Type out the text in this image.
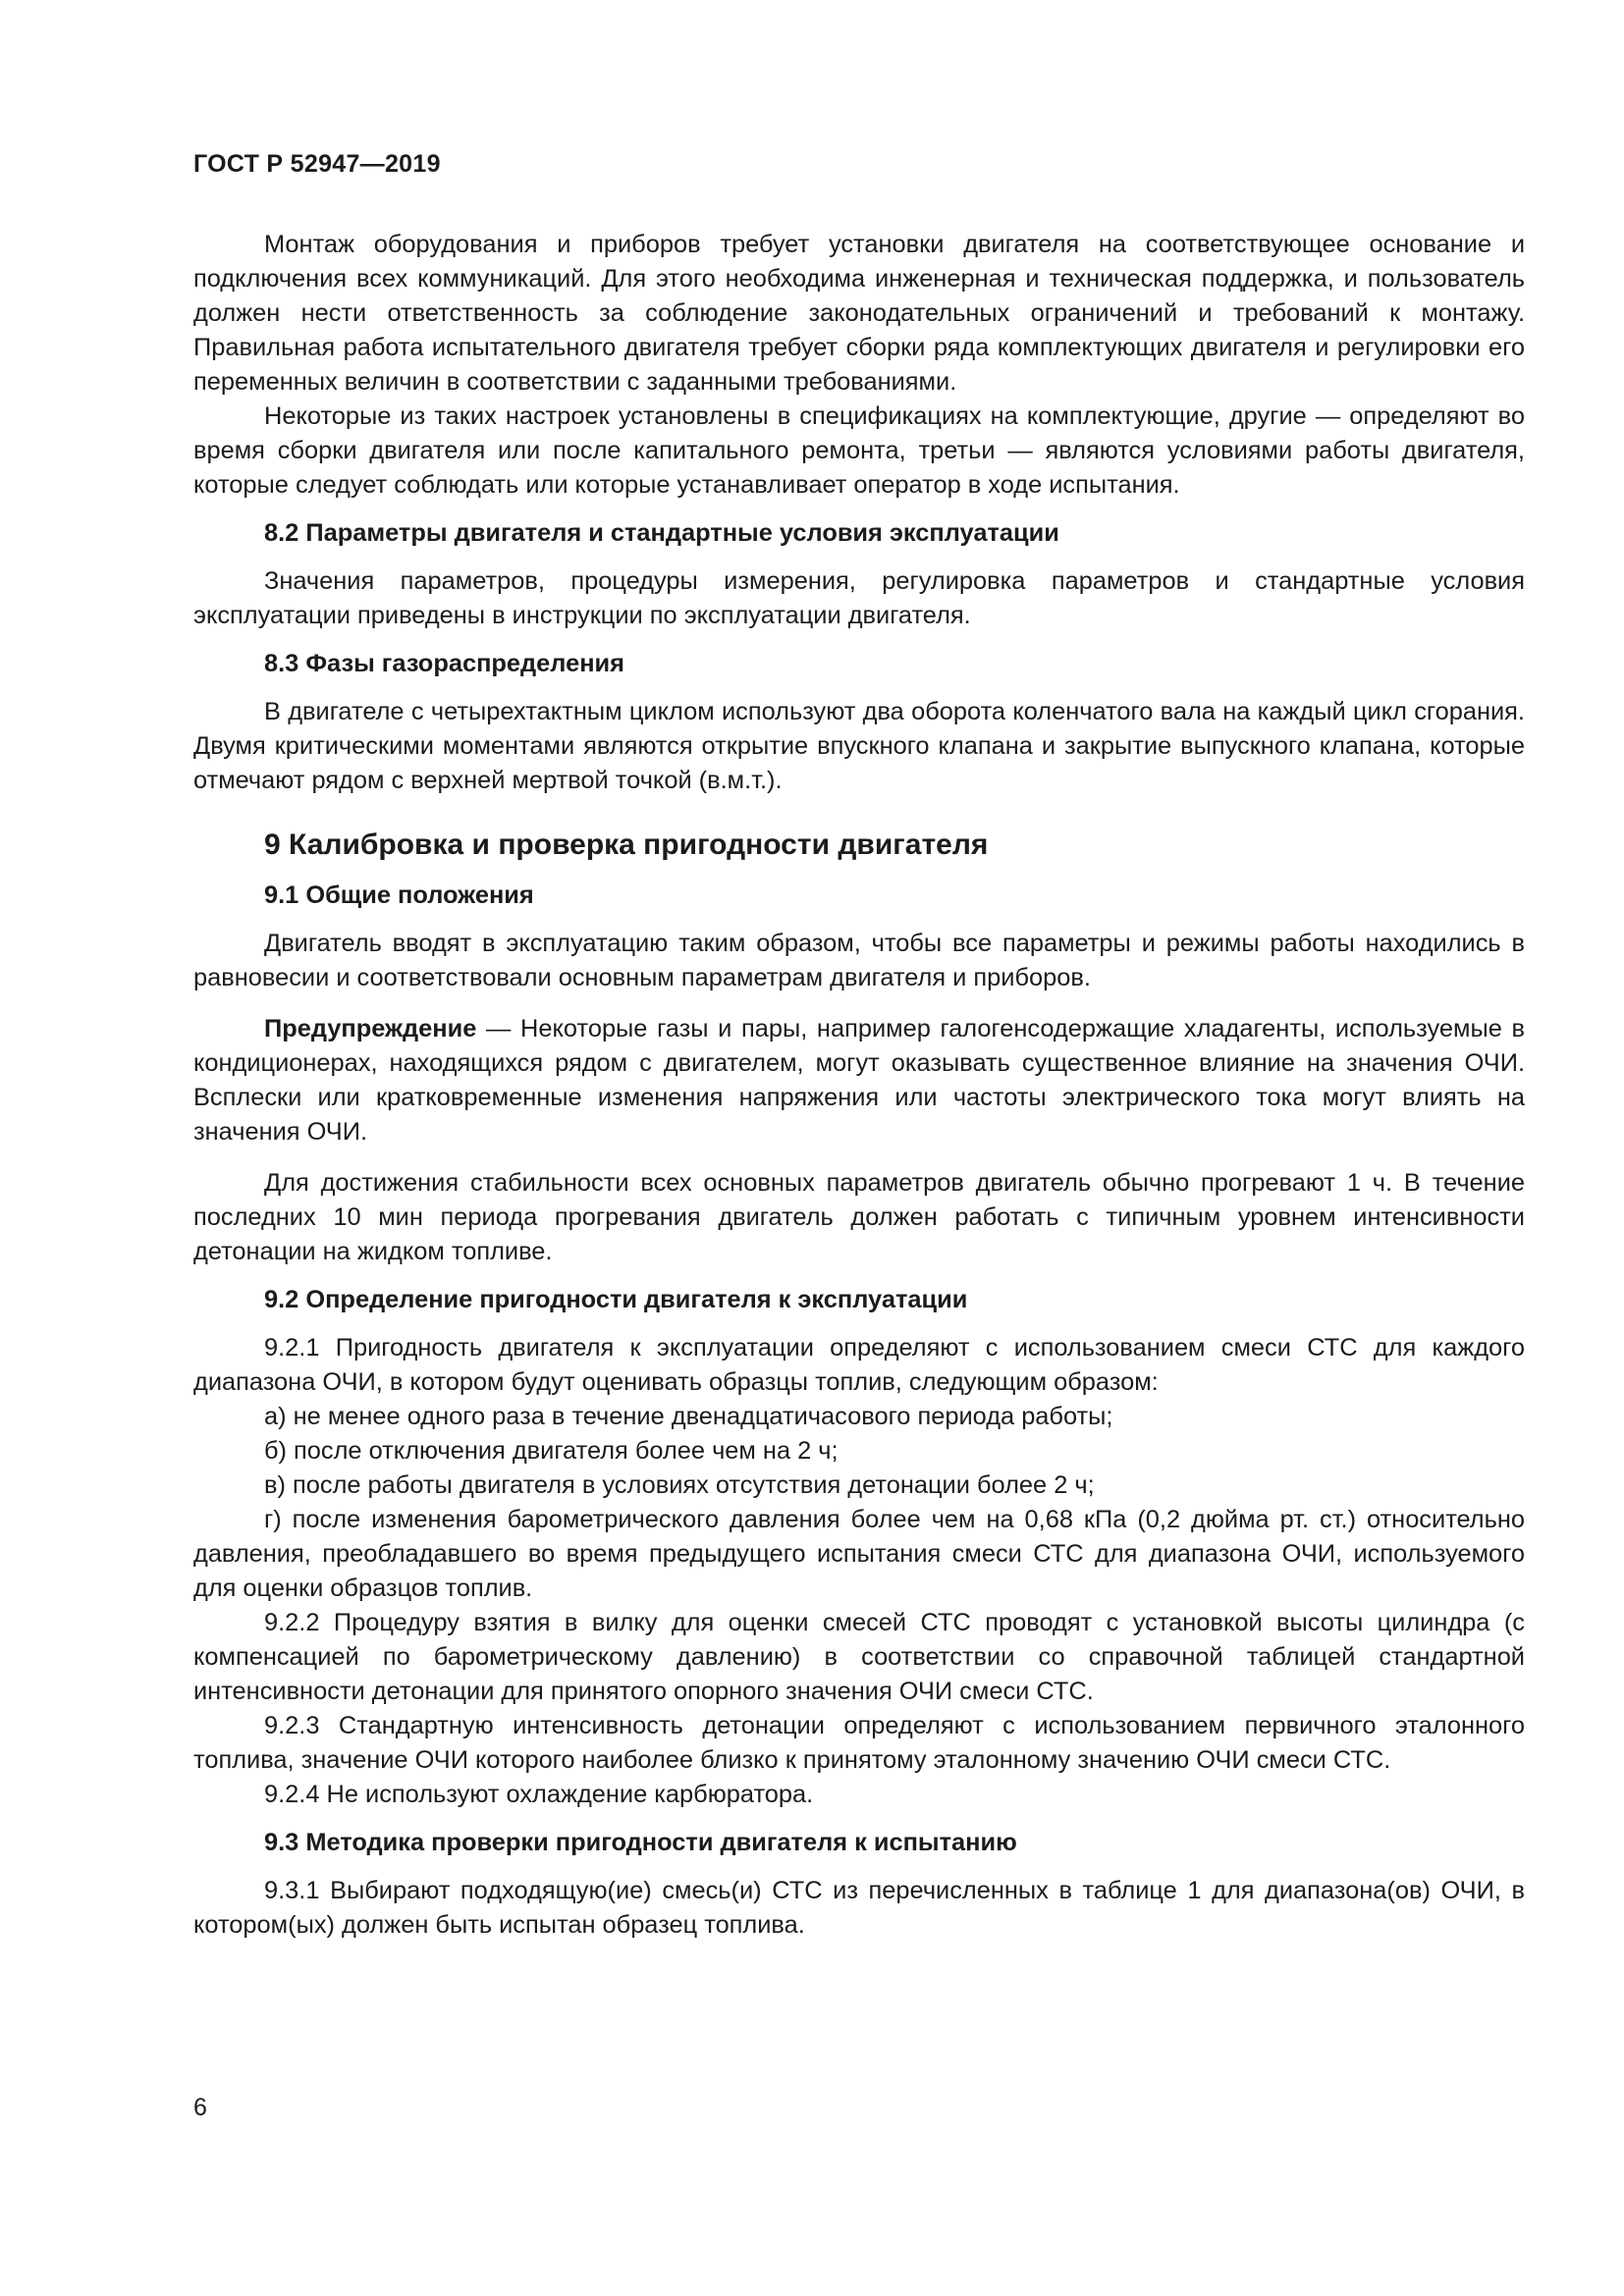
ГОСТ Р 52947—2019

Монтаж оборудования и приборов требует установки двигателя на соответствующее основание и подключения всех коммуникаций. Для этого необходима инженерная и техническая поддержка, и пользователь должен нести ответственность за соблюдение законодательных ограничений и требований к монтажу. Правильная работа испытательного двигателя требует сборки ряда комплектующих двигателя и регулировки его переменных величин в соответствии с заданными требованиями.

Некоторые из таких настроек установлены в спецификациях на комплектующие, другие — определяют во время сборки двигателя или после капитального ремонта, третьи — являются условиями работы двигателя, которые следует соблюдать или которые устанавливает оператор в ходе испытания.

8.2 Параметры двигателя и стандартные условия эксплуатации

Значения параметров, процедуры измерения, регулировка параметров и стандартные условия эксплуатации приведены в инструкции по эксплуатации двигателя.

8.3 Фазы газораспределения

В двигателе с четырехтактным циклом используют два оборота коленчатого вала на каждый цикл сгорания. Двумя критическими моментами являются открытие впускного клапана и закрытие выпускного клапана, которые отмечают рядом с верхней мертвой точкой (в.м.т.).

9 Калибровка и проверка пригодности двигателя
9.1 Общие положения

Двигатель вводят в эксплуатацию таким образом, чтобы все параметры и режимы работы находились в равновесии и соответствовали основным параметрам двигателя и приборов.

Предупреждение — Некоторые газы и пары, например галогенсодержащие хладагенты, используемые в кондиционерах, находящихся рядом с двигателем, могут оказывать существенное влияние на значения ОЧИ. Всплески или кратковременные изменения напряжения или частоты электрического тока могут влиять на значения ОЧИ.

Для достижения стабильности всех основных параметров двигатель обычно прогревают 1 ч. В течение последних 10 мин периода прогревания двигатель должен работать с типичным уровнем интенсивности детонации на жидком топливе.

9.2 Определение пригодности двигателя к эксплуатации

9.2.1 Пригодность двигателя к эксплуатации определяют с использованием смеси СТС для каждого диапазона ОЧИ, в котором будут оценивать образцы топлив, следующим образом:

а) не менее одного раза в течение двенадцатичасового периода работы;

б) после отключения двигателя более чем на 2 ч;

в) после работы двигателя в условиях отсутствия детонации более 2 ч;

г) после изменения барометрического давления более чем на 0,68 кПа (0,2 дюйма рт. ст.) относительно давления, преобладавшего во время предыдущего испытания смеси СТС для диапазона ОЧИ, используемого для оценки образцов топлив.

9.2.2 Процедуру взятия в вилку для оценки смесей СТС проводят с установкой высоты цилиндра (с компенсацией по барометрическому давлению) в соответствии со справочной таблицей стандартной интенсивности детонации для принятого опорного значения ОЧИ смеси СТС.

9.2.3 Стандартную интенсивность детонации определяют с использованием первичного эталонного топлива, значение ОЧИ которого наиболее близко к принятому эталонному значению ОЧИ смеси СТС.

9.2.4 Не используют охлаждение карбюратора.

9.3 Методика проверки пригодности двигателя к испытанию

9.3.1 Выбирают подходящую(ие) смесь(и) СТС из перечисленных в таблице 1 для диапазона(ов) ОЧИ, в котором(ых) должен быть испытан образец топлива.

6
